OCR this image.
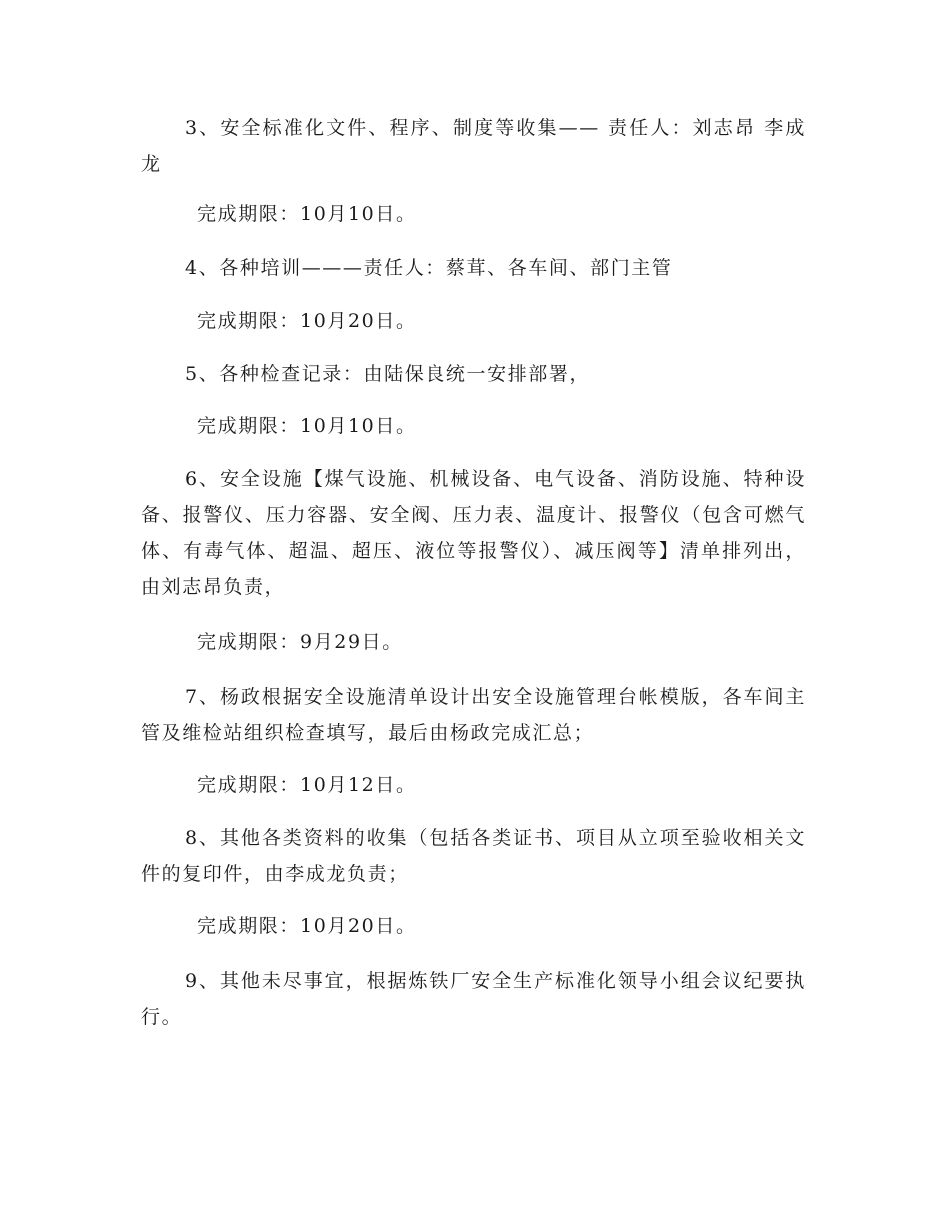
3、安全标准化文件、程序、制度等收集—— 责任人：刘志昂 李成龙

完成期限：10月10日。

4、各种培训———责任人：蔡茸、各车间、部门主管

完成期限：10月20日。

5、各种检查记录：由陆保良统一安排部署，

完成期限：10月10日。

6、安全设施【煤气设施、机械设备、电气设备、消防设施、特种设备、报警仪、压力容器、安全阀、压力表、温度计、报警仪（包含可燃气体、有毒气体、超温、超压、液位等报警仪）、减压阀等】清单排列出，由刘志昂负责，

完成期限：9月29日。

7、杨政根据安全设施清单设计出安全设施管理台帐模版，各车间主管及维检站组织检查填写，最后由杨政完成汇总；

完成期限：10月12日。

8、其他各类资料的收集（包括各类证书、项目从立项至验收相关文件的复印件，由李成龙负责；

完成期限：10月20日。

9、其他未尽事宜，根据炼铁厂安全生产标准化领导小组会议纪要执行。
